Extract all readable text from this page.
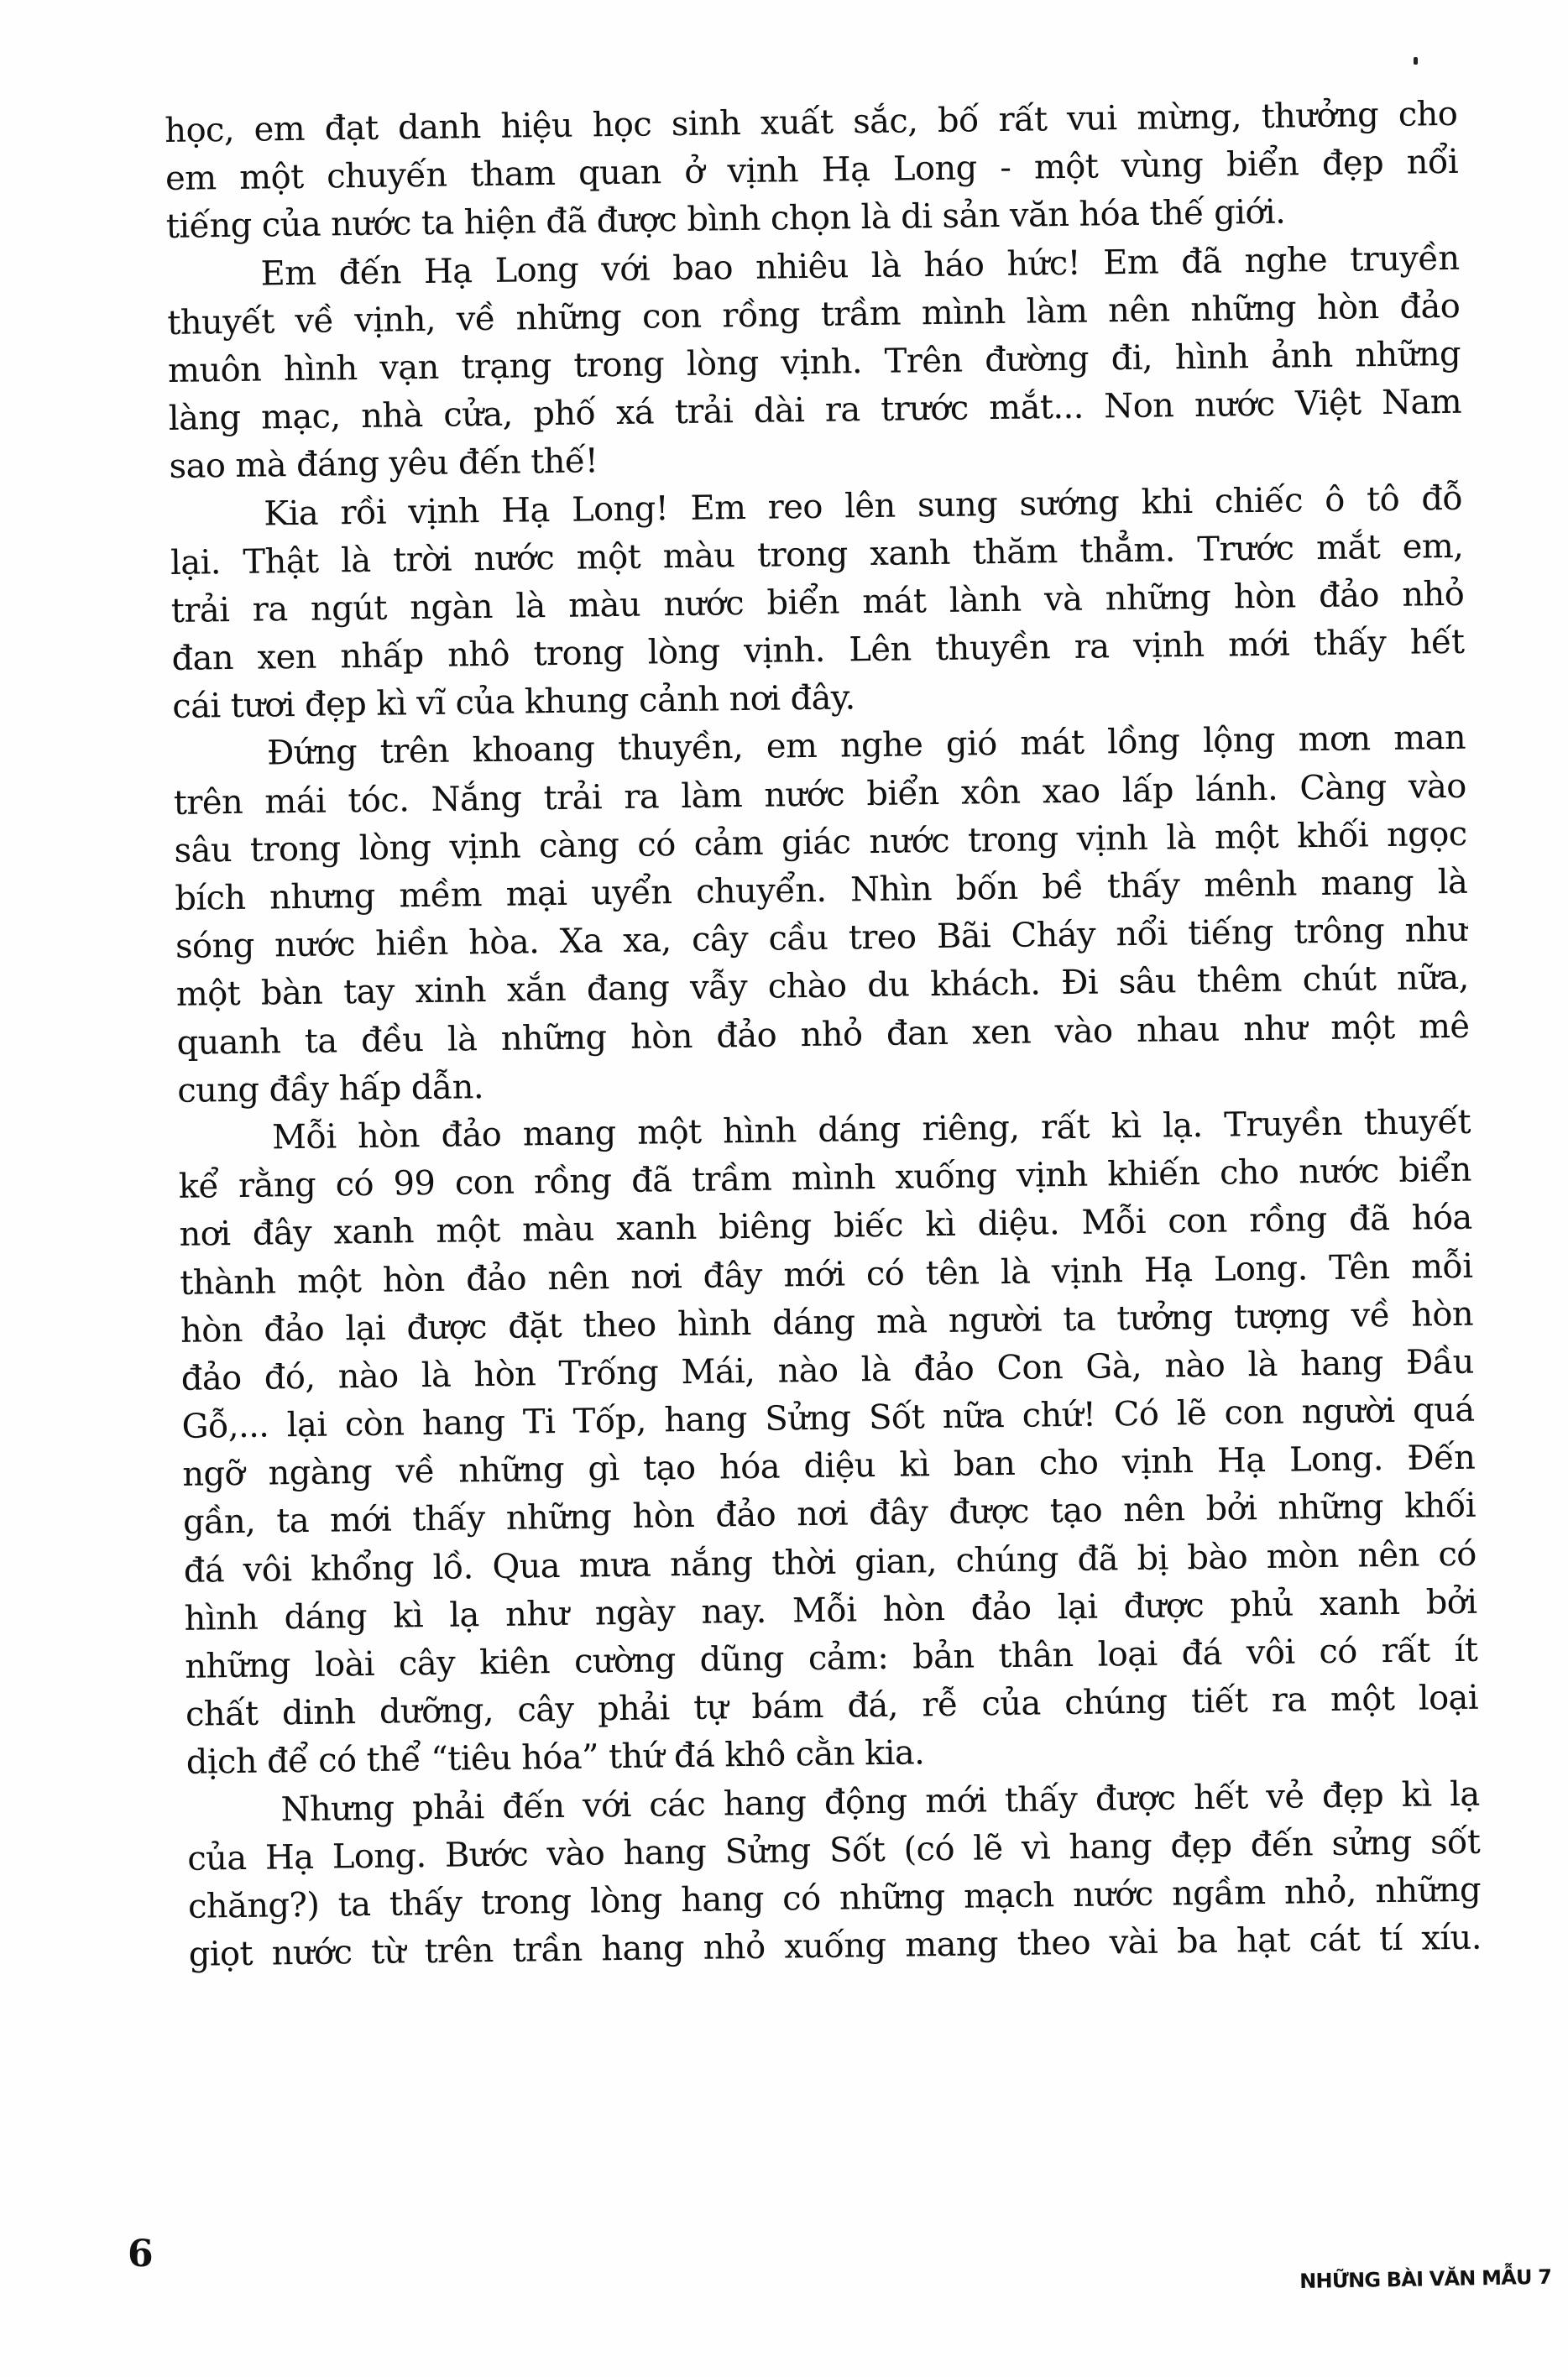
học, em đạt danh hiệu học sinh xuất sắc, bố rất vui mừng, thưởng cho
em một chuyến tham quan ở vịnh Hạ Long - một vùng biển đẹp nổi
tiếng của nước ta hiện đã được bình chọn là di sản văn hóa thế giới.
Em đến Hạ Long với bao nhiêu là háo hức! Em đã nghe truyền
thuyết về vịnh, về những con rồng trầm mình làm nên những hòn đảo
muôn hình vạn trạng trong lòng vịnh. Trên đường đi, hình ảnh những
làng mạc, nhà cửa, phố xá trải dài ra trước mắt... Non nước Việt Nam
sao mà đáng yêu đến thế!
Kia rồi vịnh Hạ Long! Em reo lên sung sướng khi chiếc ô tô đỗ
lại. Thật là trời nước một màu trong xanh thăm thẳm. Trước mắt em,
trải ra ngút ngàn là màu nước biển mát lành và những hòn đảo nhỏ
đan xen nhấp nhô trong lòng vịnh. Lên thuyền ra vịnh mới thấy hết
cái tươi đẹp kì vĩ của khung cảnh nơi đây.
Đứng trên khoang thuyền, em nghe gió mát lồng lộng mơn man
trên mái tóc. Nắng trải ra làm nước biển xôn xao lấp lánh. Càng vào
sâu trong lòng vịnh càng có cảm giác nước trong vịnh là một khối ngọc
bích nhưng mềm mại uyển chuyển. Nhìn bốn bề thấy mênh mang là
sóng nước hiền hòa. Xa xa, cây cầu treo Bãi Cháy nổi tiếng trông như
một bàn tay xinh xắn đang vẫy chào du khách. Đi sâu thêm chút nữa,
quanh ta đều là những hòn đảo nhỏ đan xen vào nhau như một mê
cung đầy hấp dẫn.
Mỗi hòn đảo mang một hình dáng riêng, rất kì lạ. Truyền thuyết
kể rằng có 99 con rồng đã trầm mình xuống vịnh khiến cho nước biển
nơi đây xanh một màu xanh biêng biếc kì diệu. Mỗi con rồng đã hóa
thành một hòn đảo nên nơi đây mới có tên là vịnh Hạ Long. Tên mỗi
hòn đảo lại được đặt theo hình dáng mà người ta tưởng tượng về hòn
đảo đó, nào là hòn Trống Mái, nào là đảo Con Gà, nào là hang Đầu
Gỗ,... lại còn hang Ti Tốp, hang Sửng Sốt nữa chứ! Có lẽ con người quá
ngỡ ngàng về những gì tạo hóa diệu kì ban cho vịnh Hạ Long. Đến
gần, ta mới thấy những hòn đảo nơi đây được tạo nên bởi những khối
đá vôi khổng lồ. Qua mưa nắng thời gian, chúng đã bị bào mòn nên có
hình dáng kì lạ như ngày nay. Mỗi hòn đảo lại được phủ xanh bởi
những loài cây kiên cường dũng cảm: bản thân loại đá vôi có rất ít
chất dinh dưỡng, cây phải tự bám đá, rễ của chúng tiết ra một loại
dịch để có thể “tiêu hóa” thứ đá khô cằn kia.
Nhưng phải đến với các hang động mới thấy được hết vẻ đẹp kì lạ
của Hạ Long. Bước vào hang Sửng Sốt (có lẽ vì hang đẹp đến sửng sốt
chăng?) ta thấy trong lòng hang có những mạch nước ngầm nhỏ, những
giọt nước từ trên trần hang nhỏ xuống mang theo vài ba hạt cát tí xíu.
6
NHỮNG BÀI VĂN MẪU 7
